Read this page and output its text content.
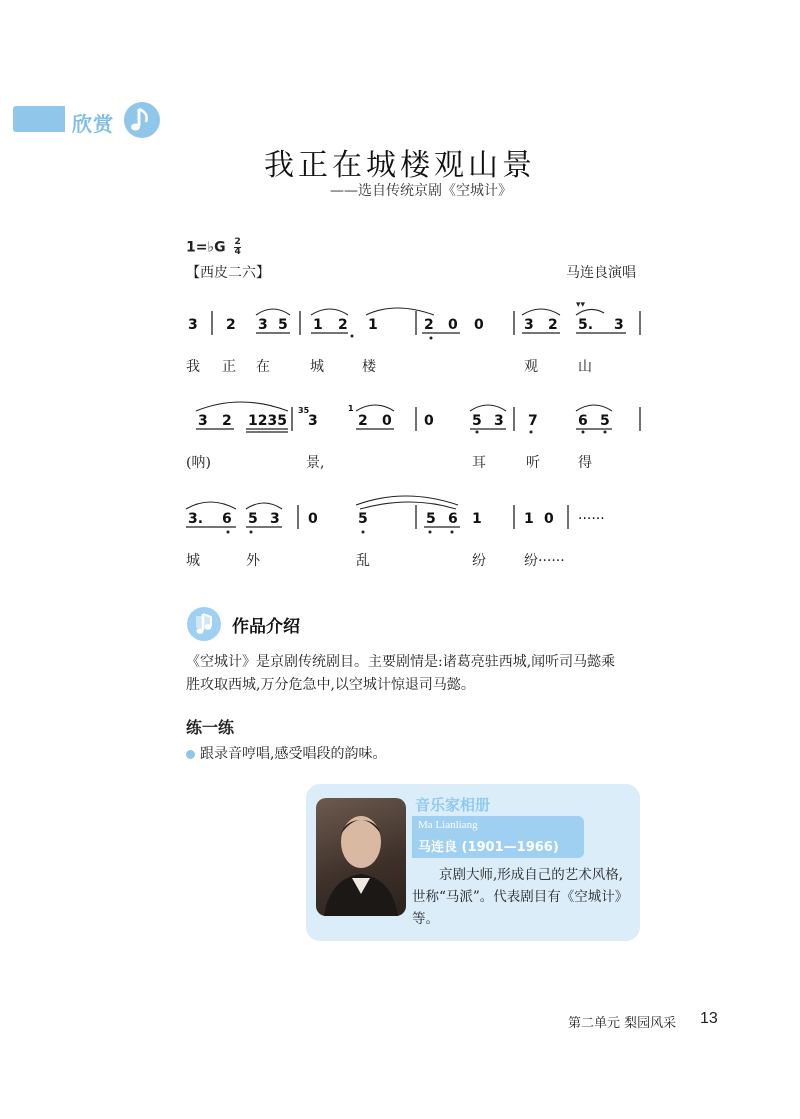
欣赏
我正在城楼观山景
——选自传统京剧《空城计》
1=♭G $\frac{2}{4}$
【西皮二六】	马连良演唱
3 2 3 5 1 2 1	2 0 0	3 2 5. 3
3 2 1235
35
3
1
2 0 0	5 3 7	6 5
3. 6 5 3 0	5	5 6 1	1 0 ······
我 正 在	城	楼	观	山
(呐)	景,	耳	听	得
城	外	乱	纷	纷······
▾▾
作品介绍
《空城计》是京剧传统剧目。主要剧情是:诸葛亮驻西城,闻听司马懿乘胜攻取西城,万分危急中,以空城计惊退司马懿。
练一练
跟录音哼唱,感受唱段的韵味。
音乐家相册
Ma Lianliang
马连良 (1901—1966)
京剧大师,形成自己的艺术风格,世称“马派”。代表剧目有《空城计》等。
第二单元 梨园风采 13
